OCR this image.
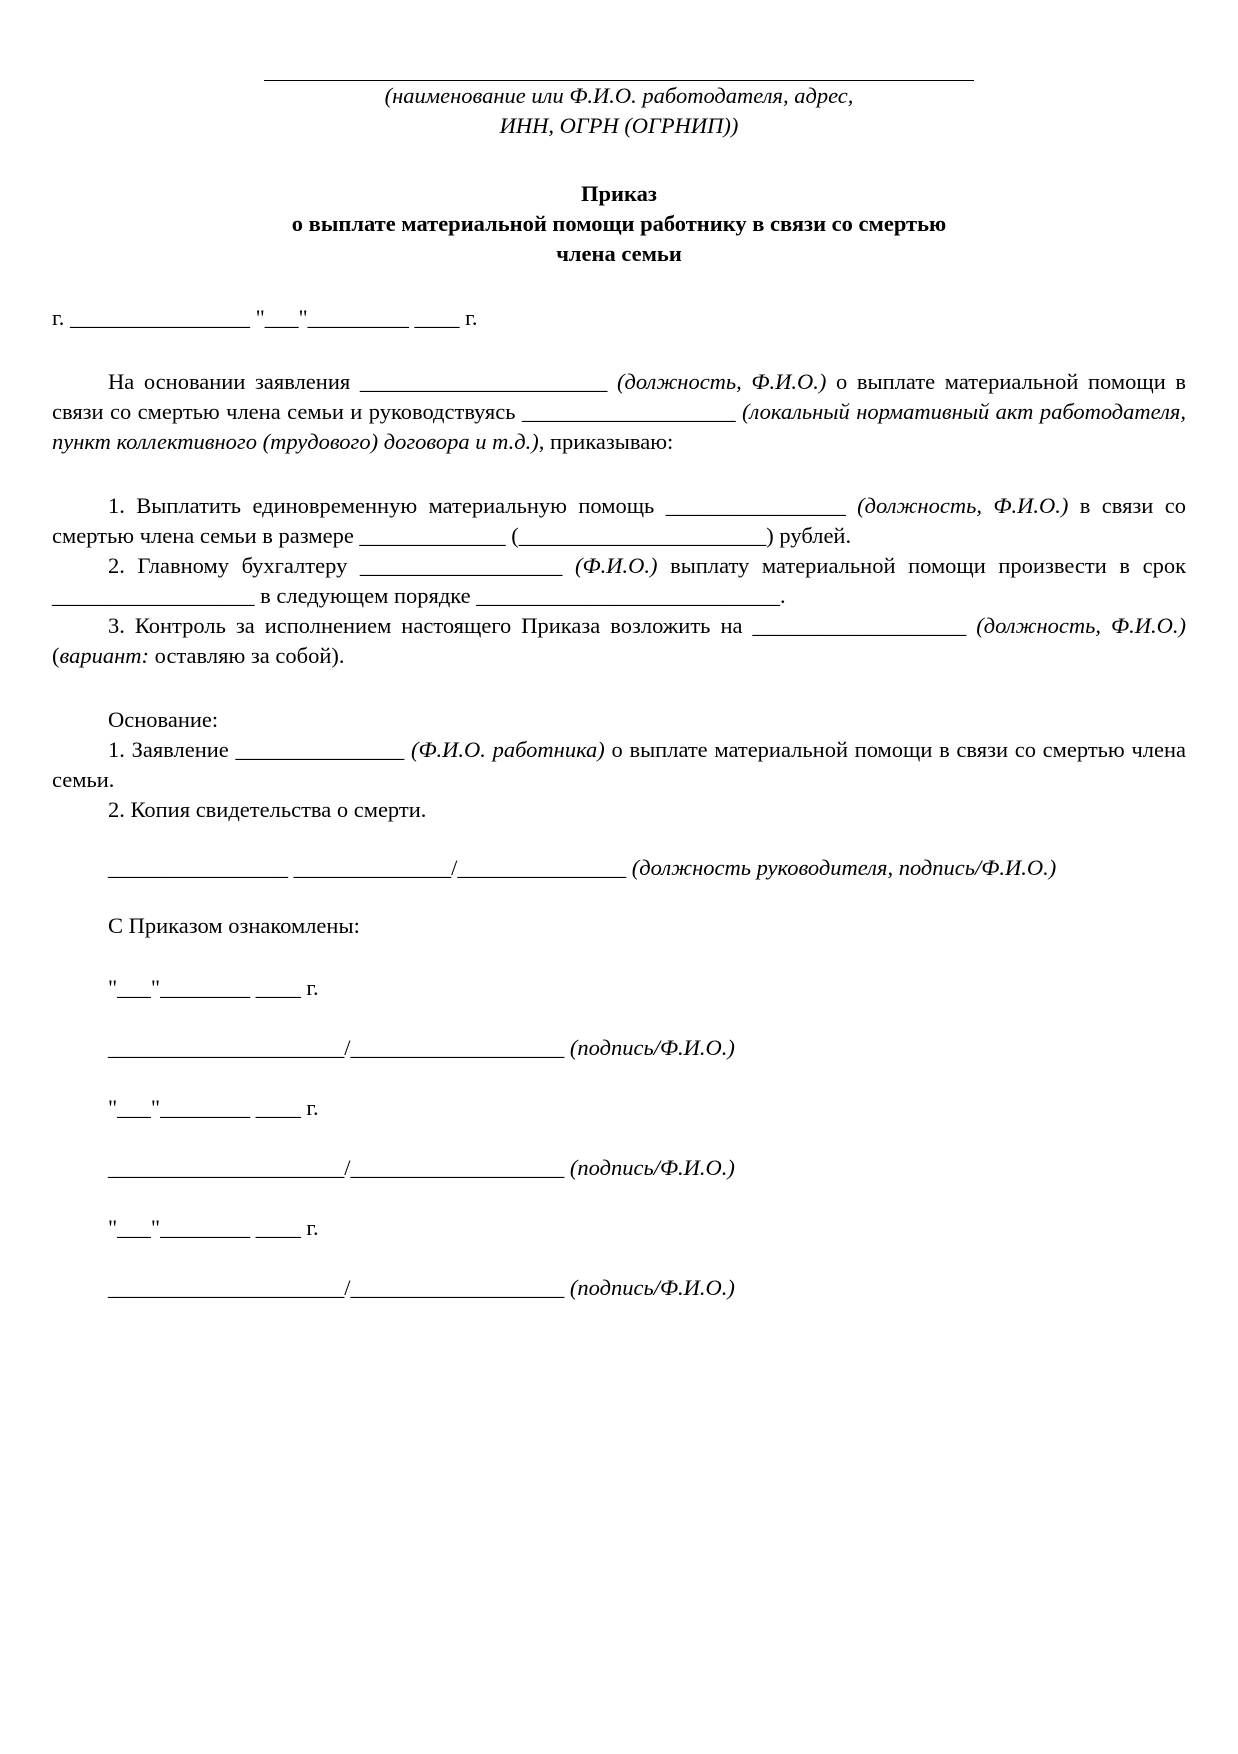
(наименование или Ф.И.О. работодателя, адрес,
ИНН, ОГРН (ОГРНИП))
Приказ
о выплате материальной помощи работнику в связи со смертью
члена семьи

г. ________________ "___"_________ ____ г.

На основании заявления ______________________ (должность, Ф.И.О.) о выплате материальной помощи в связи со смертью члена семьи и руководствуясь ___________________ (локальный нормативный акт работодателя, пункт коллективного (трудового) договора и т.д.), приказываю:

1. Выплатить единовременную материальную помощь ________________ (должность, Ф.И.О.) в связи со смертью члена семьи в размере _____________ (______________________) рублей.

2. Главному бухгалтеру __________________ (Ф.И.О.) выплату материальной помощи произвести в срок __________________ в следующем порядке ___________________________.

3. Контроль за исполнением настоящего Приказа возложить на ___________________ (должность, Ф.И.О.) (вариант: оставляю за собой).

Основание:

1. Заявление _______________ (Ф.И.О. работника) о выплате материальной помощи в связи со смертью члена семьи.

2. Копия свидетельства о смерти.

________________ ______________/_______________ (должность руководителя, подпись/Ф.И.О.)

С Приказом ознакомлены:

"___"________ ____ г.

_____________________/___________________ (подпись/Ф.И.О.)

"___"________ ____ г.

_____________________/___________________ (подпись/Ф.И.О.)

"___"________ ____ г.

_____________________/___________________ (подпись/Ф.И.О.)
